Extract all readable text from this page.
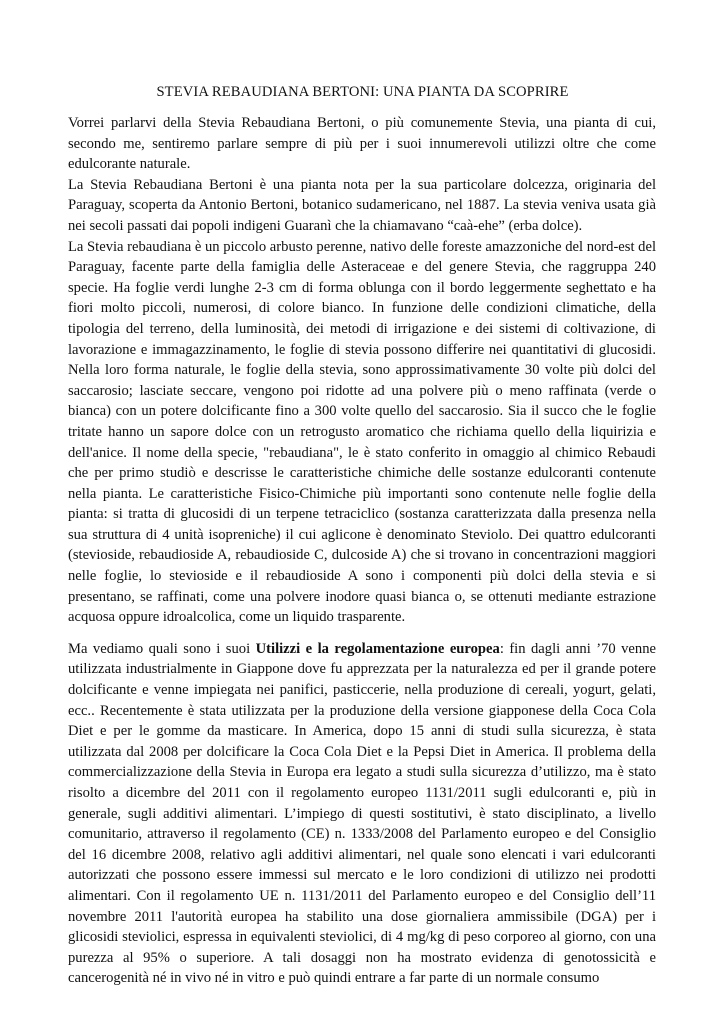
STEVIA REBAUDIANA BERTONI: UNA PIANTA DA SCOPRIRE

Vorrei parlarvi della Stevia Rebaudiana Bertoni, o più comunemente Stevia, una pianta di cui, secondo me, sentiremo parlare sempre di più per i suoi innumerevoli utilizzi oltre che come edulcorante naturale.

La Stevia Rebaudiana Bertoni è una pianta nota per la sua particolare dolcezza, originaria del Paraguay, scoperta da Antonio Bertoni, botanico sudamericano, nel 1887. La stevia veniva usata già nei secoli passati dai popoli indigeni Guaranì che la chiamavano “caà-ehe” (erba dolce).

La Stevia rebaudiana è un piccolo arbusto perenne, nativo delle foreste amazzoniche del nord-est del Paraguay, facente parte della famiglia delle Asteraceae e del genere Stevia, che raggruppa 240 specie. Ha foglie verdi lunghe 2-3 cm di forma oblunga con il bordo leggermente seghettato e ha fiori molto piccoli, numerosi, di colore bianco. In funzione delle condizioni climatiche, della tipologia del terreno, della luminosità, dei metodi di irrigazione e dei sistemi di coltivazione, di lavorazione e immagazzinamento, le foglie di stevia possono differire nei quantitativi di glucosidi. Nella loro forma naturale, le foglie della stevia, sono approssimativamente 30 volte più dolci del saccarosio; lasciate seccare, vengono poi ridotte ad una polvere più o meno raffinata (verde o bianca) con un potere dolcificante fino a 300 volte quello del saccarosio. Sia il succo che le foglie tritate hanno un sapore dolce con un retrogusto aromatico che richiama quello della liquirizia e dell'anice. Il nome della specie, "rebaudiana", le è stato conferito in omaggio al chimico Rebaudi che per primo studiò e descrisse le caratteristiche chimiche delle sostanze edulcoranti contenute nella pianta. Le caratteristiche Fisico-Chimiche più importanti sono contenute nelle foglie della pianta: si tratta di glucosidi di un terpene tetraciclico (sostanza caratterizzata dalla presenza nella sua struttura di 4 unità isopreniche) il cui aglicone è denominato Steviolo. Dei quattro edulcoranti (stevioside, rebaudioside A, rebaudioside C, dulcoside A) che si trovano in concentrazioni maggiori nelle foglie, lo stevioside e il rebaudioside A sono i componenti più dolci della stevia e si presentano, se raffinati, come una polvere inodore quasi bianca o, se ottenuti mediante estrazione acquosa oppure idroalcolica, come un liquido trasparente.

Ma vediamo quali sono i suoi Utilizzi e la regolamentazione europea: fin dagli anni ’70 venne utilizzata industrialmente in Giappone dove fu apprezzata per la naturalezza ed per il grande potere dolcificante e venne impiegata nei panifici, pasticcerie, nella produzione di cereali, yogurt, gelati, ecc.. Recentemente è stata utilizzata per la produzione della versione giapponese della Coca Cola Diet e per le gomme da masticare. In America, dopo 15 anni di studi sulla sicurezza, è stata utilizzata dal 2008 per dolcificare la Coca Cola Diet e la Pepsi Diet in America. Il problema della commercializzazione della Stevia in Europa era legato a studi sulla sicurezza d’utilizzo, ma è stato risolto a dicembre del 2011 con il regolamento europeo 1131/2011 sugli edulcoranti e, più in generale, sugli additivi alimentari. L’impiego di questi sostitutivi, è stato disciplinato, a livello comunitario, attraverso il regolamento (CE) n. 1333/2008 del Parlamento europeo e del Consiglio del 16 dicembre 2008, relativo agli additivi alimentari, nel quale sono elencati i vari edulcoranti autorizzati che possono essere immessi sul mercato e le loro condizioni di utilizzo nei prodotti alimentari. Con il regolamento UE n. 1131/2011 del Parlamento europeo e del Consiglio dell’11 novembre 2011 l'autorità europea ha stabilito una dose giornaliera ammissibile (DGA) per i glicosidi steviolici, espressa in equivalenti steviolici, di 4 mg/kg di peso corporeo al giorno, con una purezza al 95% o superiore. A tali dosaggi non ha mostrato evidenza di genotossicità e cancerogenità né in vivo né in vitro e può quindi entrare a far parte di un normale consumo
